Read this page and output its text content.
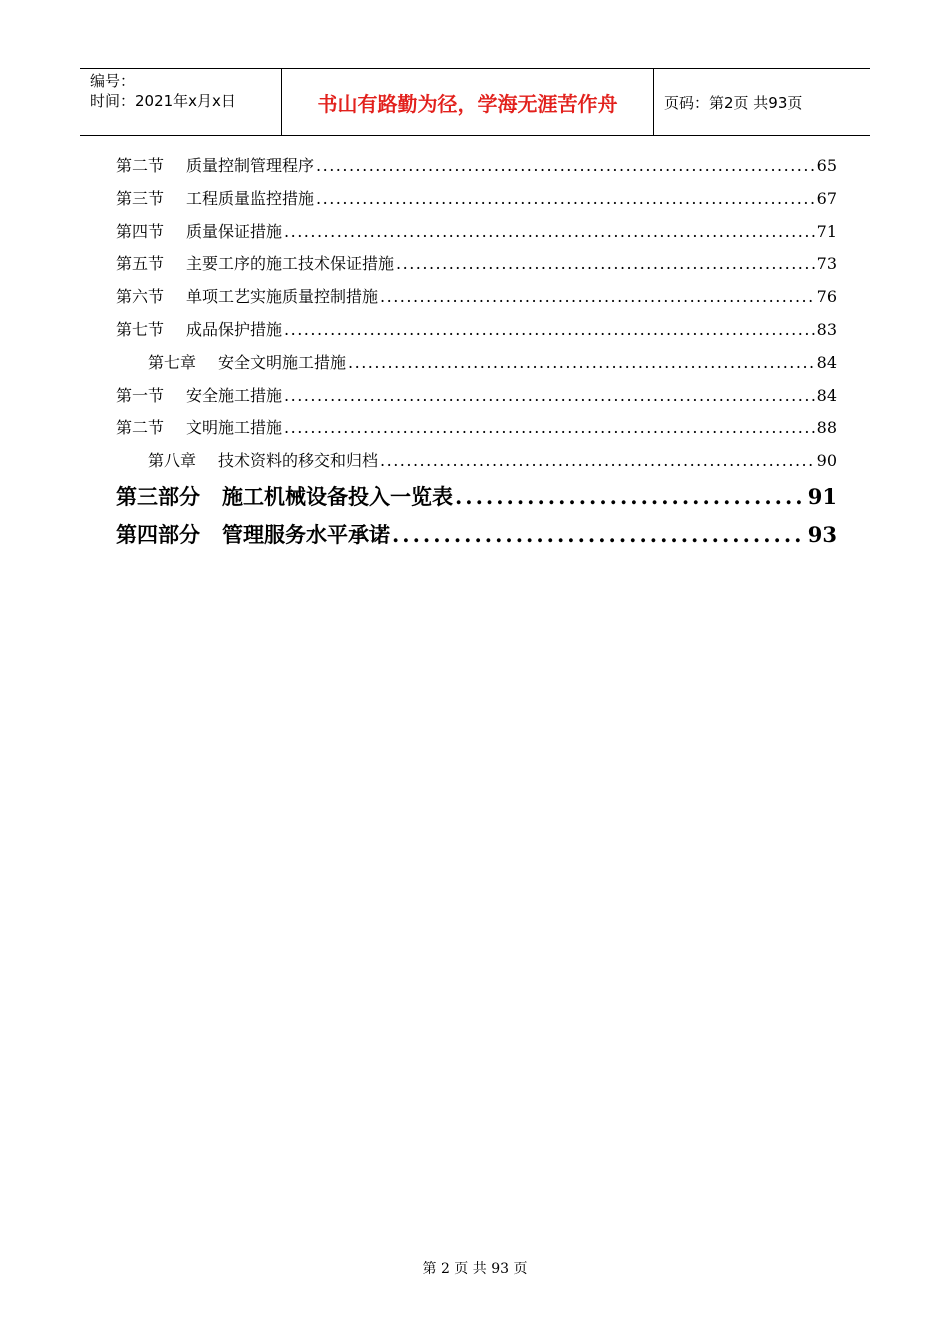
编号：
时间：2021年x月x日	书山有路勤为径，学海无涯苦作舟	页码：第2页 共93页
第二节 质量控制管理程序 .....	65
第三节 工程质量监控措施 .....	67
第四节 质量保证措施 .....	71
第五节 主要工序的施工技术保证措施 .....	73
第六节 单项工艺实施质量控制措施 .....	76
第七节 成品保护措施 .....	83
第七章 安全文明施工措施 .....	84
第一节 安全施工措施 .....	84
第二节 文明施工措施 .....	88
第八章 技术资料的移交和归档 .....	90
第三部分 施工机械设备投入一览表 .....	91
第四部分 管理服务水平承诺 .....	93
第 2 页 共 93 页
